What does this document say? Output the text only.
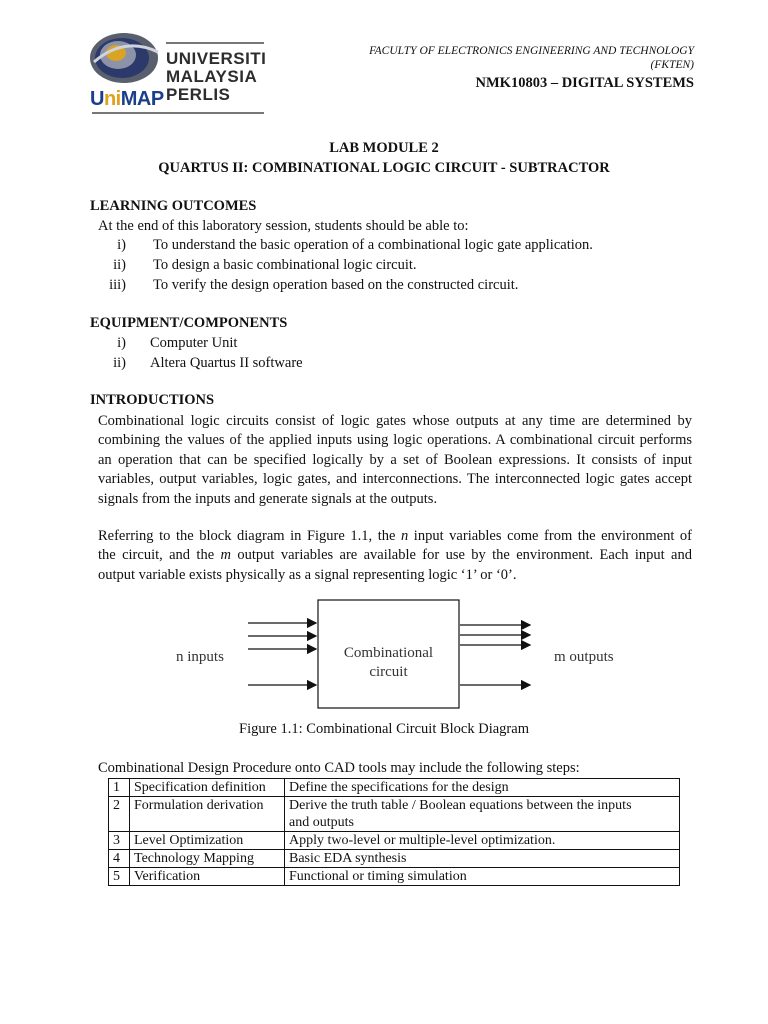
UNIVERSITI
MALAYSIA
PERLIS
UniMAP
FACULTY OF ELECTRONICS ENGINEERING AND TECHNOLOGY
(FKTEN)
NMK10803 – DIGITAL SYSTEMS
LAB MODULE 2
QUARTUS II: COMBINATIONAL LOGIC CIRCUIT - SUBTRACTOR
LEARNING OUTCOMES
At the end of this laboratory session, students should be able to:
i) To understand the basic operation of a combinational logic gate application.
ii) To design a basic combinational logic circuit.
iii) To verify the design operation based on the constructed circuit.
EQUIPMENT/COMPONENTS
i) Computer Unit
ii) Altera Quartus II software
INTRODUCTIONS
Combinational logic circuits consist of logic gates whose outputs at any time are determined by
combining the values of the applied inputs using logic operations. A combinational circuit performs
an operation that can be specified logically by a set of Boolean expressions. It consists of input
variables, output variables, logic gates, and interconnections. The interconnected logic gates accept
signals from the inputs and generate signals at the outputs.
Referring to the block diagram in Figure 1.1, the n input variables come from the environment of
the circuit, and the m output variables are available for use by the environment. Each input and
output variable exists physically as a signal representing logic ‘1’ or ‘0’.
n inputs	Combinational
circuit
m outputs
Figure 1.1: Combinational Circuit Block Diagram
Combinational Design Procedure onto CAD tools may include the following steps:
1	Specification definition	Define the specifications for the design
2	Formulation derivation	Derive the truth table / Boolean equations between the inputs
and outputs

3	Level Optimization	Apply two-level or multiple-level optimization.
4	Technology Mapping	Basic EDA synthesis
5	Verification	Functional or timing simulation
